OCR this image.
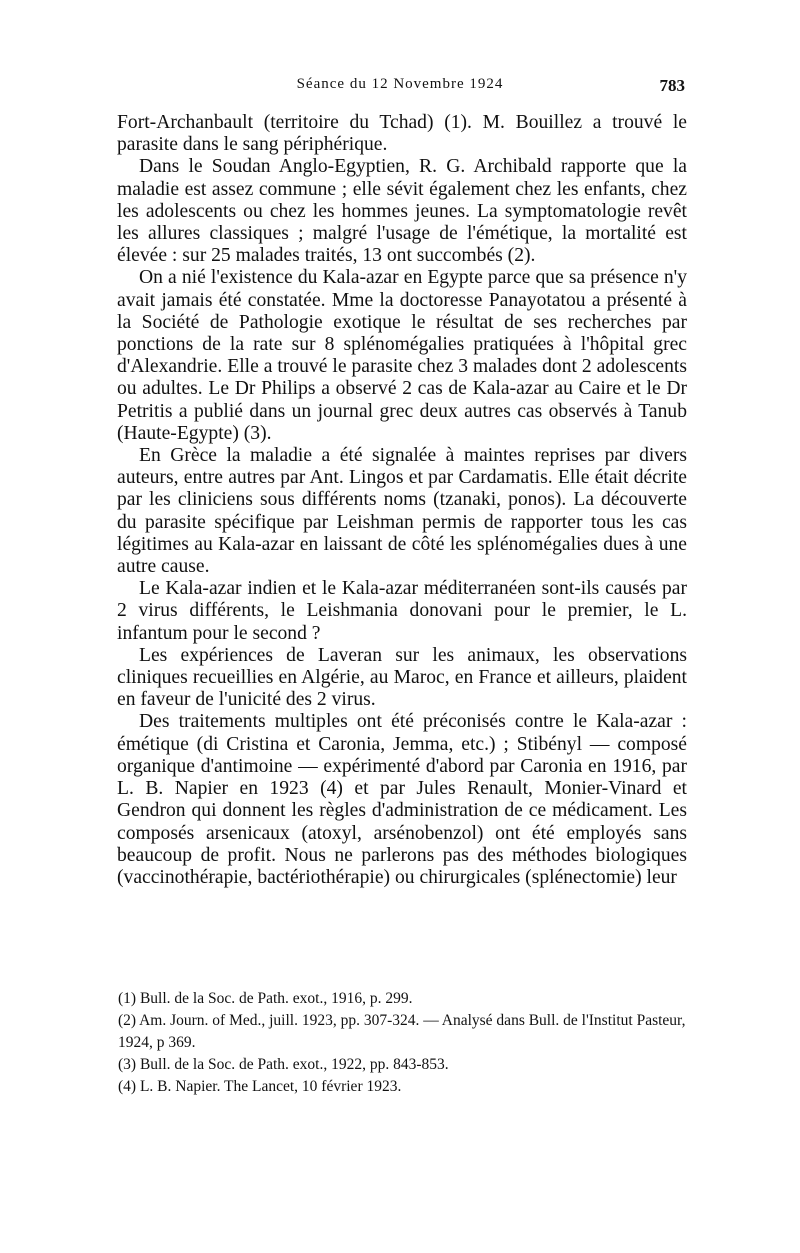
Séance du 12 Novembre 1924	783

Fort-Archanbault (territoire du Tchad) (1). M. Bouillez a trouvé le parasite dans le sang périphérique.

Dans le Soudan Anglo-Egyptien, R. G. Archibald rapporte que la maladie est assez commune ; elle sévit également chez les enfants, chez les adolescents ou chez les hommes jeunes. La symptomatologie revêt les allures classiques ; malgré l'usage de l'émétique, la mortalité est élevée : sur 25 malades traités, 13 ont succombés (2).

On a nié l'existence du Kala-azar en Egypte parce que sa présence n'y avait jamais été constatée. Mme la doctoresse Panayotatou a présenté à la Société de Pathologie exotique le résultat de ses recherches par ponctions de la rate sur 8 splénomégalies pratiquées à l'hôpital grec d'Alexandrie. Elle a trouvé le parasite chez 3 malades dont 2 adolescents ou adultes. Le Dr Philips a observé 2 cas de Kala-azar au Caire et le Dr Petritis a publié dans un journal grec deux autres cas observés à Tanub (Haute-Egypte) (3).

En Grèce la maladie a été signalée à maintes reprises par divers auteurs, entre autres par Ant. Lingos et par Cardamatis. Elle était décrite par les cliniciens sous différents noms (tzanaki, ponos). La découverte du parasite spécifique par Leishman permis de rapporter tous les cas légitimes au Kala-azar en laissant de côté les splénomégalies dues à une autre cause.

Le Kala-azar indien et le Kala-azar méditerranéen sont-ils causés par 2 virus différents, le Leishmania donovani pour le premier, le L. infantum pour le second ?

Les expériences de Laveran sur les animaux, les observations cliniques recueillies en Algérie, au Maroc, en France et ailleurs, plaident en faveur de l'unicité des 2 virus.

Des traitements multiples ont été préconisés contre le Kala-azar : émétique (di Cristina et Caronia, Jemma, etc.) ; Stibényl — composé organique d'antimoine — expérimenté d'abord par Caronia en 1916, par L. B. Napier en 1923 (4) et par Jules Renault, Monier-Vinard et Gendron qui donnent les règles d'administration de ce médicament. Les composés arsenicaux (atoxyl, arsénobenzol) ont été employés sans beaucoup de profit. Nous ne parlerons pas des méthodes biologiques (vaccinothérapie, bactériothérapie) ou chirurgicales (splénectomie) leur

(1) Bull. de la Soc. de Path. exot., 1916, p. 299.

(2) Am. Journ. of Med., juill. 1923, pp. 307-324. — Analysé dans Bull. de l'Institut Pasteur, 1924, p 369.

(3) Bull. de la Soc. de Path. exot., 1922, pp. 843-853.

(4) L. B. Napier. The Lancet, 10 février 1923.
